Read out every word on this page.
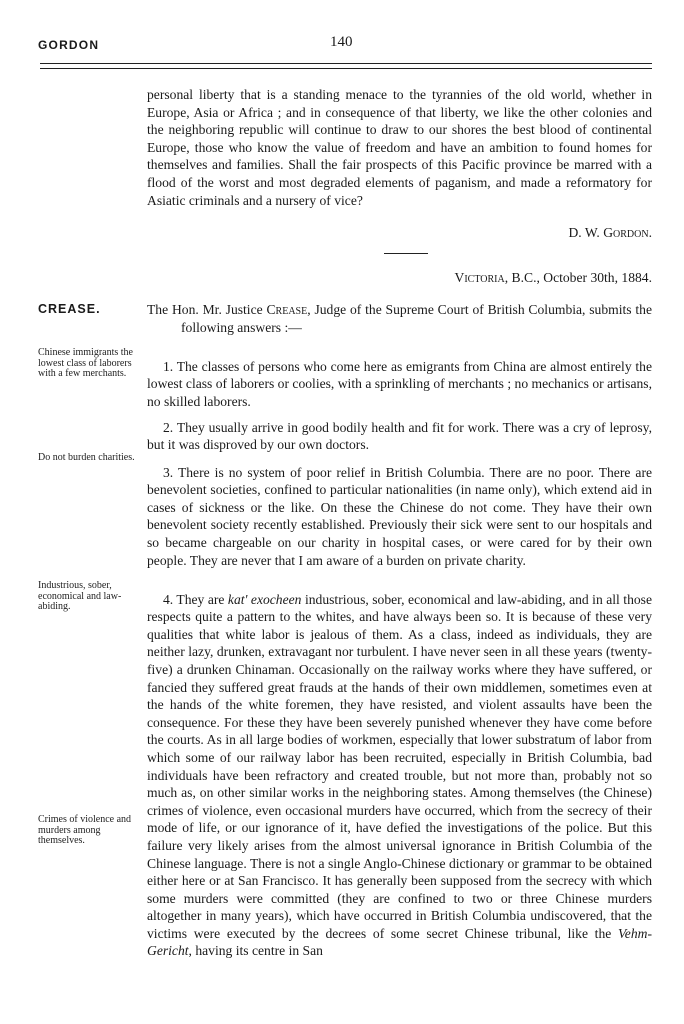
GORDON	140

personal liberty that is a standing menace to the tyrannies of the old world, whether in Europe, Asia or Africa ; and in consequence of that liberty, we like the other colonies and the neighboring republic will continue to draw to our shores the best blood of continental Europe, those who know the value of freedom and have an ambition to found homes for themselves and families. Shall the fair prospects of this Pacific province be marred with a flood of the worst and most degraded elements of paganism, and made a reformatory for Asiatic criminals and a nursery of vice?

D. W. Gordon.
Victoria, B.C., October 30th, 1884.
CREASE.	The Hon. Mr. Justice Crease, Judge of the Supreme Court of British Columbia, submits the following answers :—

Chinese immigrants the lowest class of laborers with a few merchants.	1. The classes of persons who come here as emigrants from China are almost entirely the lowest class of laborers or coolies, with a sprinkling of merchants ; no mechanics or artisans, no skilled laborers.

2. They usually arrive in good bodily health and fit for work. There was a cry of leprosy, but it was disproved by our own doctors.

Do not burden charities.

3. There is no system of poor relief in British Columbia. There are no poor. There are benevolent societies, confined to particular nationalities (in name only), which extend aid in cases of sickness or the like. On these the Chinese do not come. They have their own benevolent society recently established. Previously their sick were sent to our hospitals and so became chargeable on our charity in hospital cases, or were cared for by their own people. They are never that I am aware of a burden on private charity.

Industrious, sober, economical and law-abiding.
Crimes of violence and murders among themselves.

4. They are kat' exocheen industrious, sober, economical and law-abiding, and in all those respects quite a pattern to the whites, and have always been so. It is because of these very qualities that white labor is jealous of them. As a class, indeed as individuals, they are neither lazy, drunken, extravagant nor turbulent. I have never seen in all these years (twenty-five) a drunken Chinaman. Occasionally on the railway works where they have suffered, or fancied they suffered great frauds at the hands of their own middlemen, sometimes even at the hands of the white foremen, they have resisted, and violent assaults have been the consequence. For these they have been severely punished whenever they have come before the courts. As in all large bodies of workmen, especially that lower substratum of labor from which some of our railway labor has been recruited, especially in British Columbia, bad individuals have been refractory and created trouble, but not more than, probably not so much as, on other similar works in the neighboring states. Among themselves (the Chinese) crimes of violence, even occasional murders have occurred, which from the secrecy of their mode of life, or our ignorance of it, have defied the investigations of the police. But this failure very likely arises from the almost universal ignorance in British Columbia of the Chinese language. There is not a single Anglo-Chinese dictionary or grammar to be obtained either here or at San Francisco. It has generally been supposed from the secrecy with which some murders were committed (they are confined to two or three Chinese murders altogether in many years), which have occurred in British Columbia undiscovered, that the victims were executed by the decrees of some secret Chinese tribunal, like the Vehm-Gericht, having its centre in San
